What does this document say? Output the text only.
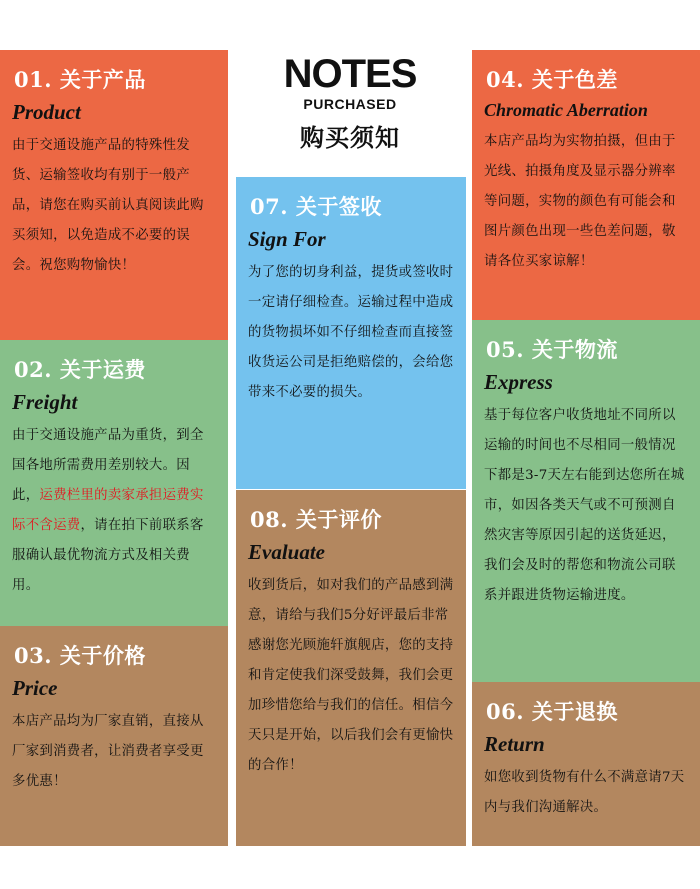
NOTES
PURCHASED
购买须知
01. 关于产品
Product
由于交通设施产品的特殊性发货、运输签收均有别于一般产品，请您在购买前认真阅读此购买须知，以免造成不必要的误会。祝您购物愉快！
02. 关于运费
Freight
由于交通设施产品为重货，到全国各地所需费用差别较大。因此，运费栏里的卖家承担运费实际不含运费，请在拍下前联系客服确认最优物流方式及相关费用。
03. 关于价格
Price
本店产品均为厂家直销，直接从厂家到消费者，让消费者享受更多优惠！
07. 关于签收
Sign For
为了您的切身利益，提货或签收时一定请仔细检查。运输过程中造成的货物损坏如不仔细检查而直接签收货运公司是拒绝赔偿的，会给您带来不必要的损失。
08. 关于评价
Evaluate
收到货后，如对我们的产品感到满意，请给与我们5分好评最后非常感谢您光顾施轩旗舰店，您的支持和肯定使我们深受鼓舞，我们会更加珍惜您给与我们的信任。相信今天只是开始，以后我们会有更愉快的合作！
04. 关于色差
Chromatic Aberration
本店产品均为实物拍摄，但由于光线、拍摄角度及显示器分辨率等问题，实物的颜色有可能会和图片颜色出现一些色差问题，敬请各位买家谅解！
05. 关于物流
Express
基于每位客户收货地址不同所以运输的时间也不尽相同一般情况下都是3-7天左右能到达您所在城市，如因各类天气或不可预测自然灾害等原因引起的送货延迟，我们会及时的帮您和物流公司联系并跟进货物运输进度。
06. 关于退换
Return
如您收到货物有什么不满意请7天内与我们沟通解决。
